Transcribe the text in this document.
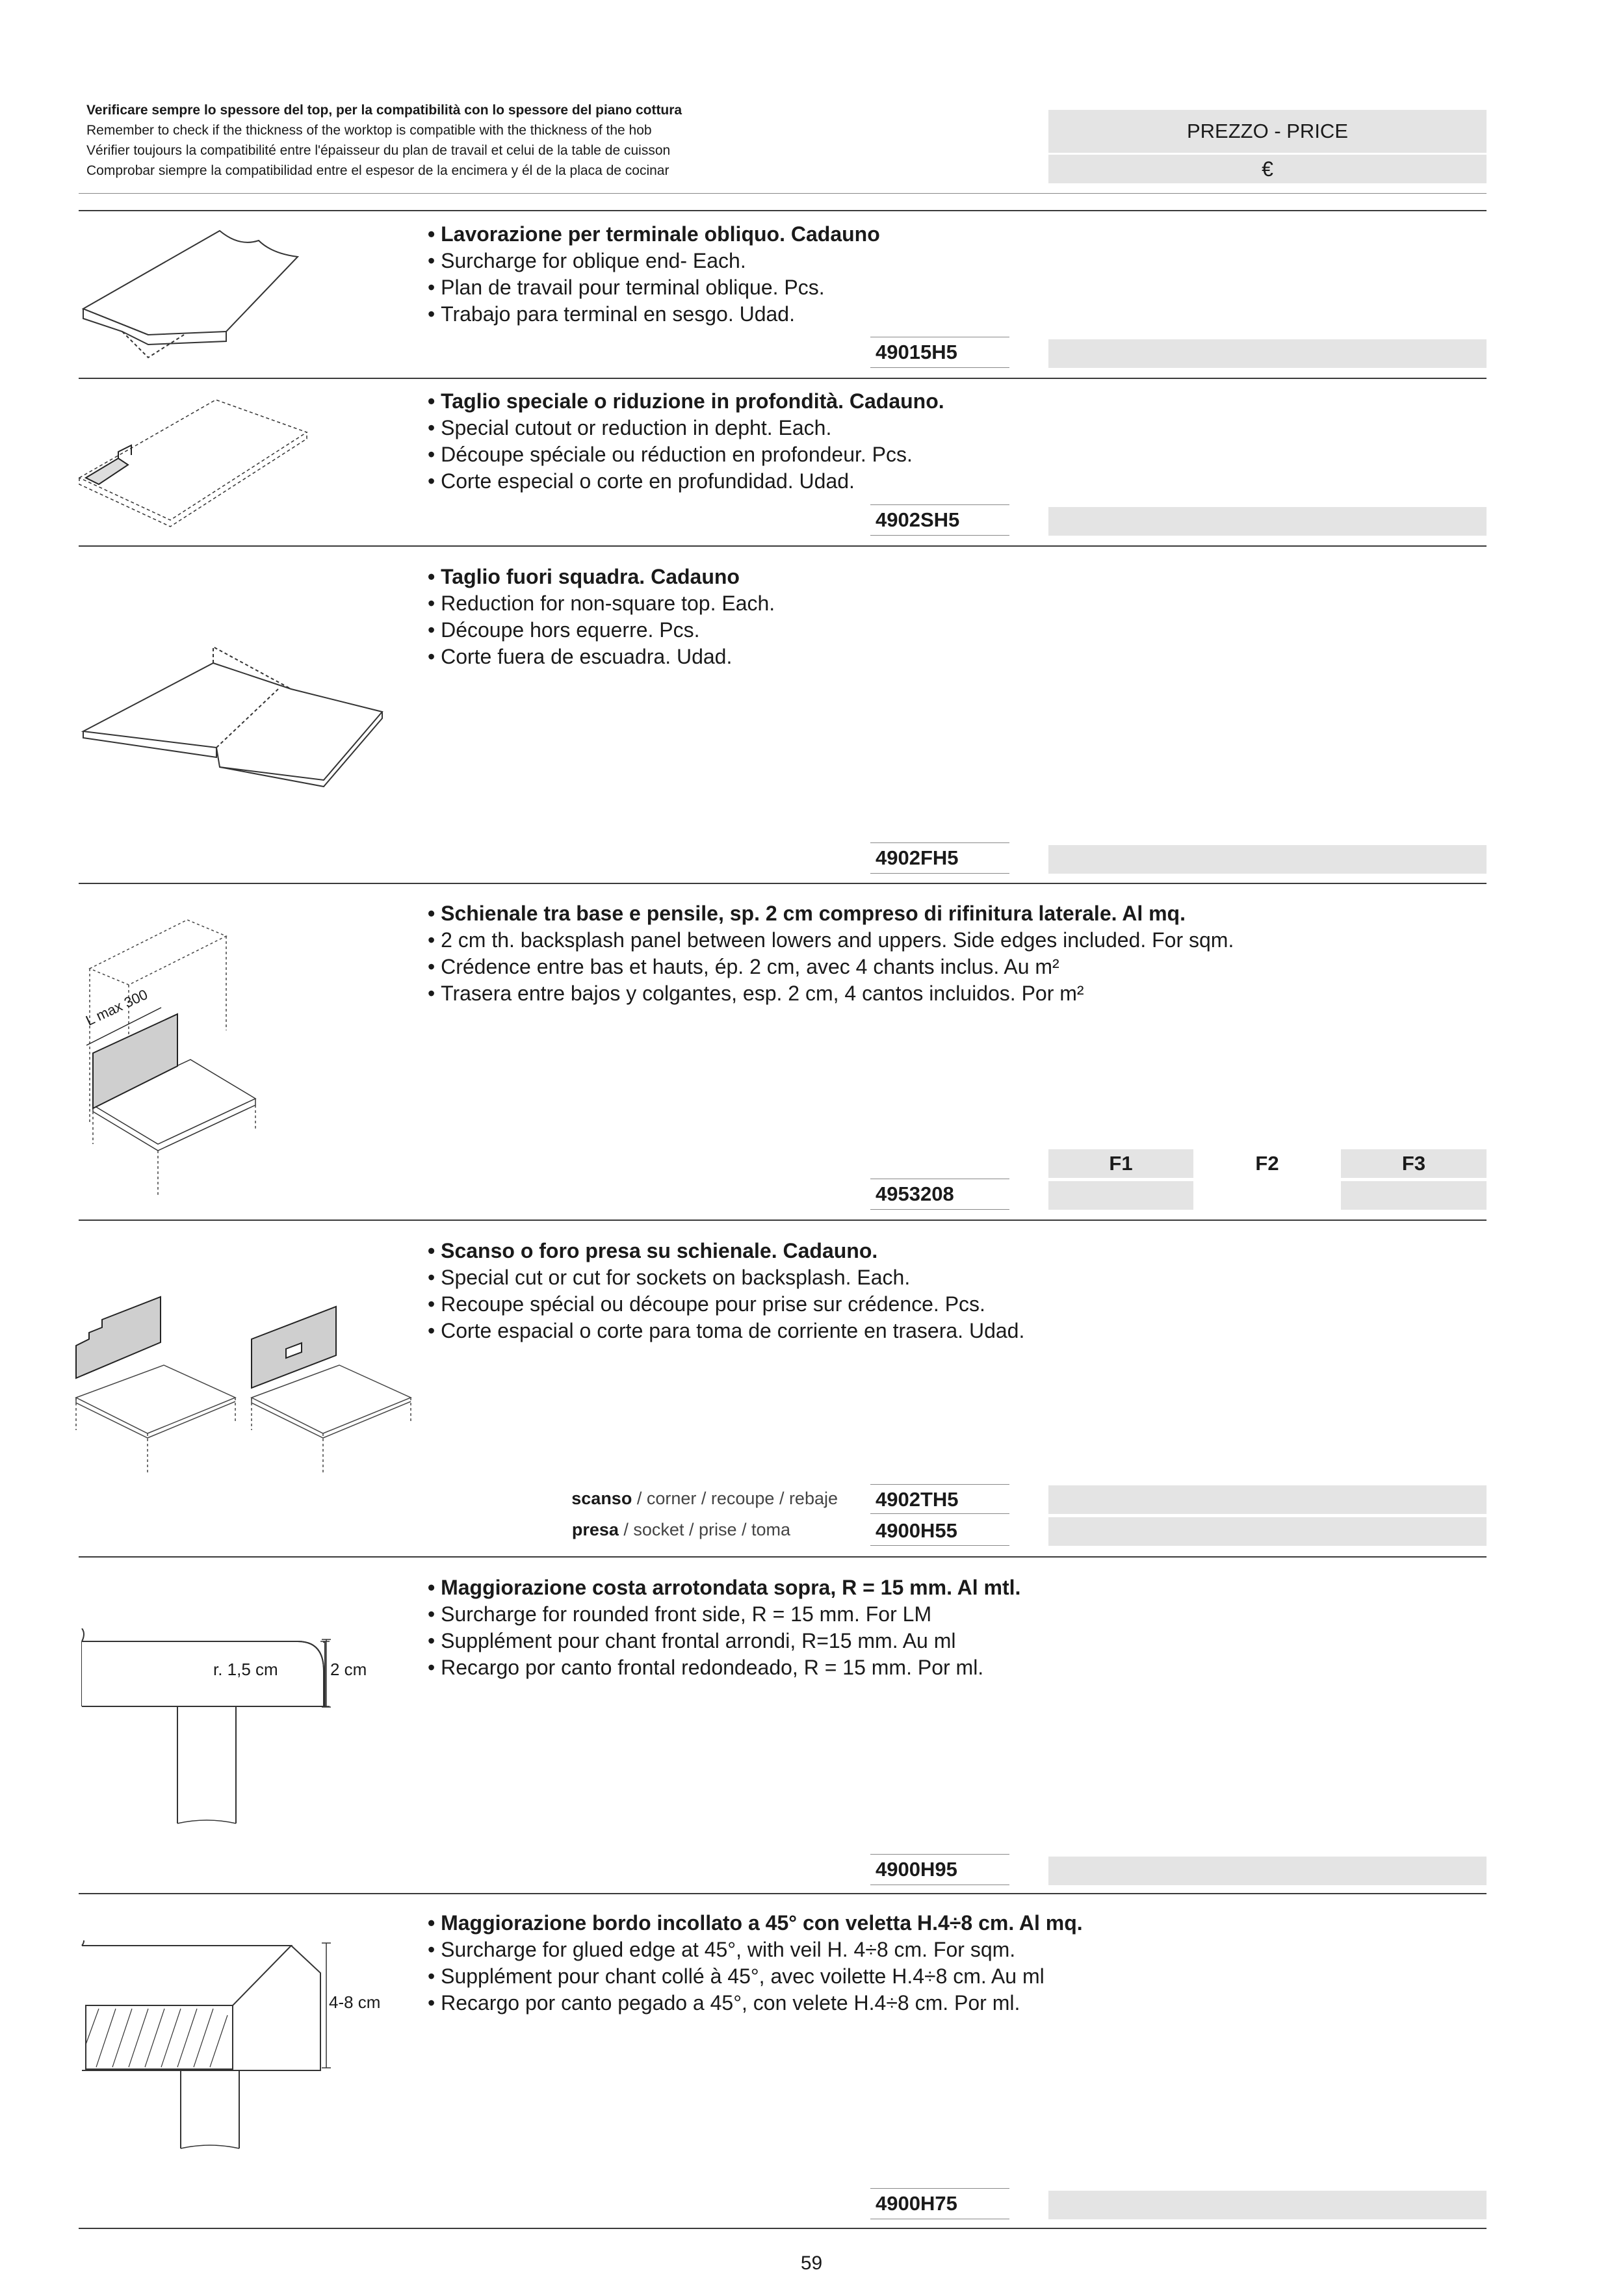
Verificare sempre lo spessore del top, per la compatibilità con lo spessore del piano cottura

Remember to check if the thickness of the worktop is compatible with the thickness of the hob

Vérifier toujours la compatibilité entre l'épaisseur du plan de travail et celui de la table de cuisson

Comprobar siempre la compatibilidad entre el espesor de la encimera y él de la placa de cocinar

PREZZO - PRICE
€

• Lavorazione per terminale obliquo. Cadauno

• Surcharge for oblique end- Each.

• Plan de travail pour terminal oblique. Pcs.

• Trabajo para terminal en sesgo. Udad.

49015H5

• Taglio speciale o riduzione in profondità. Cadauno.

• Special cutout or reduction in depht. Each.

• Découpe spéciale ou réduction en profondeur. Pcs.

• Corte especial o corte en profundidad. Udad.

4902SH5

• Taglio fuori squadra. Cadauno

• Reduction for non-square top. Each.

• Découpe hors equerre. Pcs.

• Corte fuera de escuadra. Udad.

4902FH5
L max 300

• Schienale tra base e pensile, sp. 2 cm compreso di rifinitura laterale. Al mq.

• 2 cm th. backsplash panel between lowers and uppers. Side edges included. For sqm.

• Crédence entre bas et hauts, ép. 2 cm, avec 4 chants inclus. Au m²

• Trasera entre bajos y colgantes, esp. 2 cm, 4 cantos incluidos. Por m²

F1	F2	F3
4953208

• Scanso o foro presa su schienale. Cadauno.

• Special cut or cut for sockets on backsplash. Each.

• Recoupe spécial ou découpe pour prise sur crédence. Pcs.

• Corte espacial o corte para toma de corriente en trasera. Udad.

scanso / corner / recoupe / rebaje 4902TH5
presa / socket / prise / toma	4900H55
r. 1,5 cm	2 cm

• Maggiorazione costa arrotondata sopra, R = 15 mm. Al mtl.

• Surcharge for rounded front side, R = 15 mm. For LM

• Supplément pour chant frontal arrondi, R=15 mm. Au ml

• Recargo por canto frontal redondeado, R = 15 mm. Por ml.

4900H95
4-8 cm

• Maggiorazione bordo incollato a 45° con veletta H.4÷8 cm. Al mq.

• Surcharge for glued edge at 45°, with veil H. 4÷8 cm. For sqm.

• Supplément pour chant collé à 45°, avec voilette H.4÷8 cm. Au ml

• Recargo por canto pegado a 45°, con velete H.4÷8 cm. Por ml.

4900H75
59
